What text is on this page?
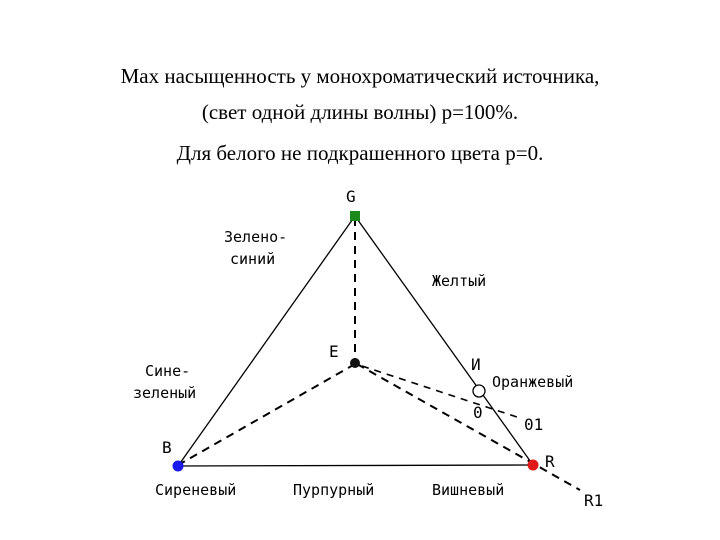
Max насыщенность у монохроматический источника,
(свет одной длины волны) p=100%.
Для белого не подкрашенного цвета p=0.
G
E
И
0
01
B
R
R1
Зелено-
синий
Желтый
Сине-
зеленый
Оранжевый
Сиреневый	Пурпурный	Вишневый
